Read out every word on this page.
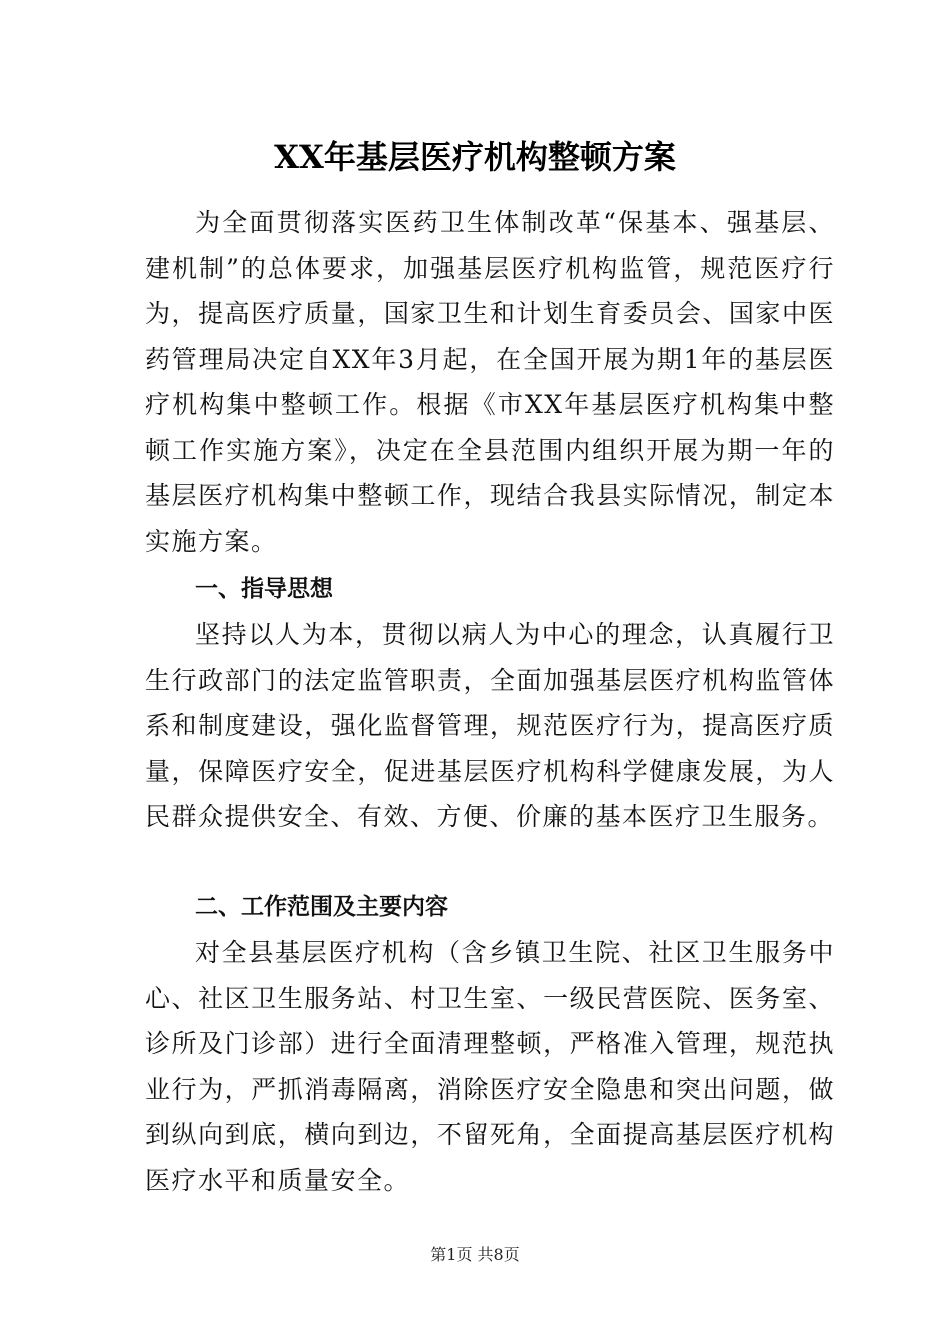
XX年基层医疗机构整顿方案

为全面贯彻落实医药卫生体制改革“保基本、强基层、建机制”的总体要求，加强基层医疗机构监管，规范医疗行为，提高医疗质量，国家卫生和计划生育委员会、国家中医药管理局决定自XX年3月起，在全国开展为期1年的基层医疗机构集中整顿工作。根据《市XX年基层医疗机构集中整顿工作实施方案》，决定在全县范围内组织开展为期一年的基层医疗机构集中整顿工作，现结合我县实际情况，制定本实施方案。

一、指导思想

坚持以人为本，贯彻以病人为中心的理念，认真履行卫生行政部门的法定监管职责，全面加强基层医疗机构监管体系和制度建设，强化监督管理，规范医疗行为，提高医疗质量，保障医疗安全，促进基层医疗机构科学健康发展，为人民群众提供安全、有效、方便、价廉的基本医疗卫生服务。

二、工作范围及主要内容

对全县基层医疗机构（含乡镇卫生院、社区卫生服务中心、社区卫生服务站、村卫生室、一级民营医院、医务室、诊所及门诊部）进行全面清理整顿，严格准入管理，规范执业行为，严抓消毒隔离，消除医疗安全隐患和突出问题，做到纵向到底，横向到边，不留死角，全面提高基层医疗机构医疗水平和质量安全。

第1页 共8页
